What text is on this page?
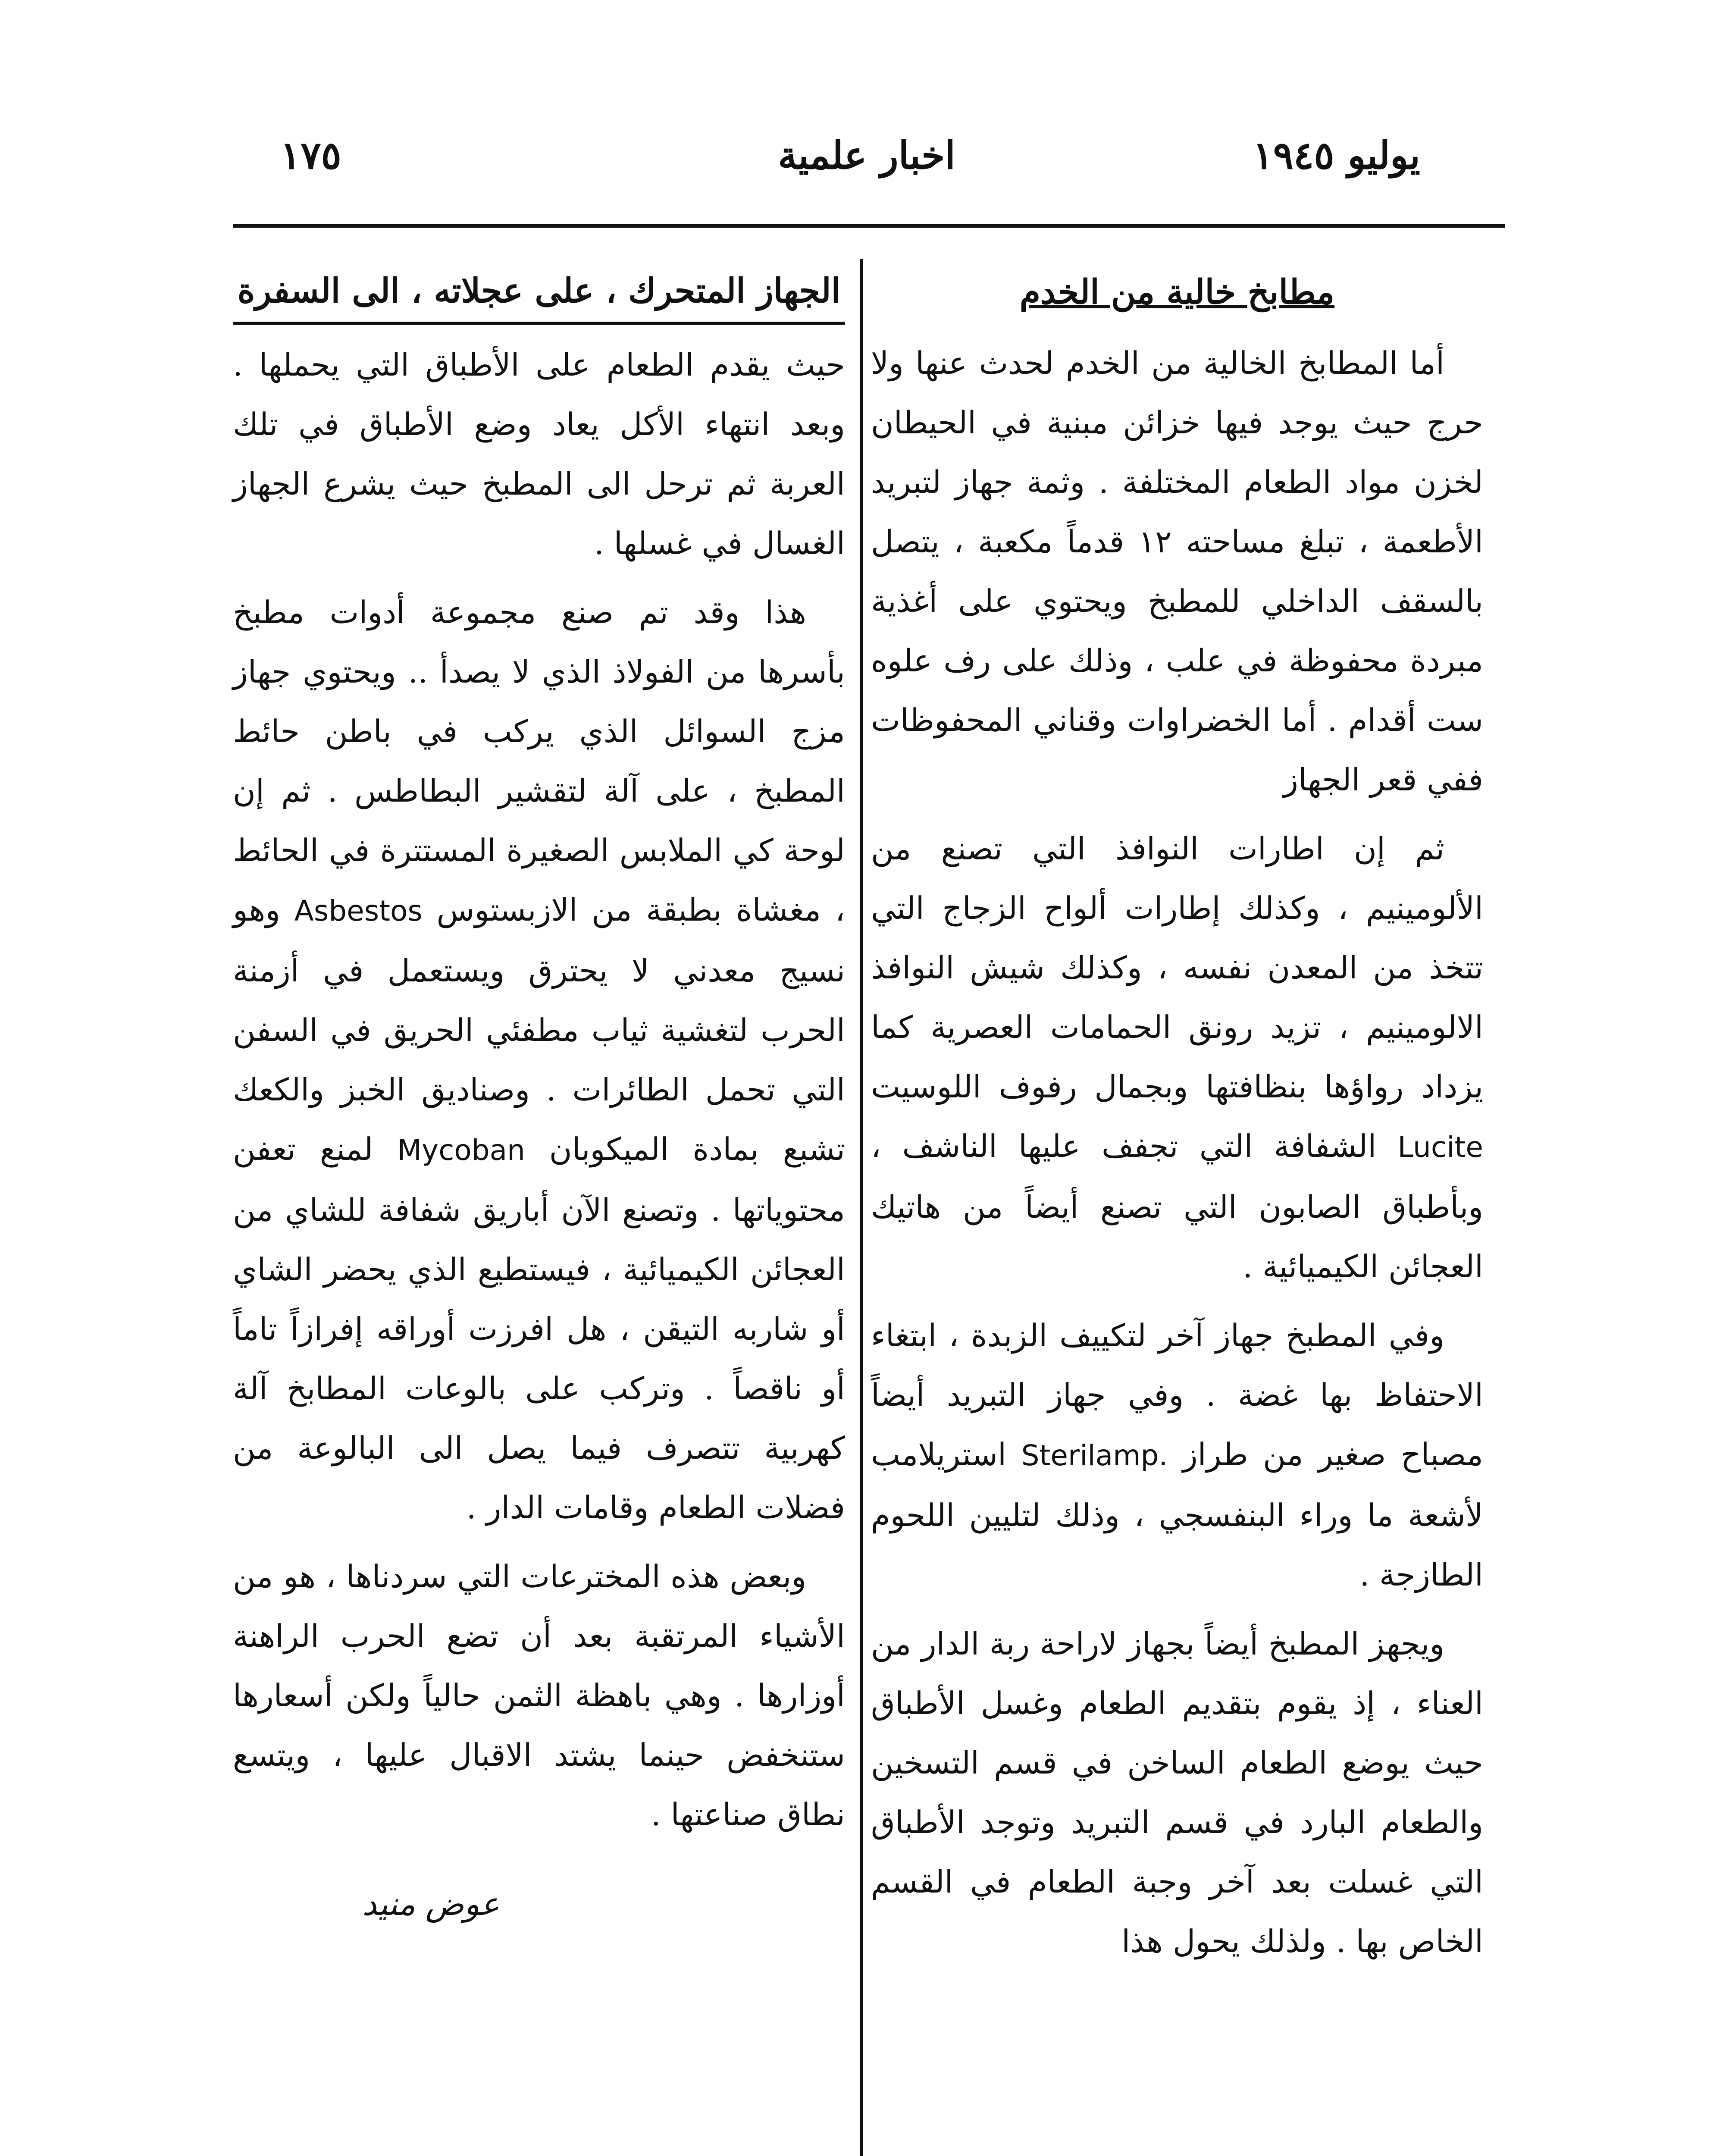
يوليو ١٩٤٥
اخبار علمية
١٧٥
مطابخ خالية من الخدم

أما المطابخ الخالية من الخدم لحدث عنها ولا حرج حيث يوجد فيها خزائن مبنية في الحيطان لخزن مواد الطعام المختلفة . وثمة جهاز لتبريد الأطعمة ، تبلغ مساحته ١٢ قدماً مكعبة ، يتصل بالسقف الداخلي للمطبخ ويحتوي على أغذية مبردة محفوظة في علب ، وذلك على رف علوه ست أقدام . أما الخضراوات وقناني المحفوظات ففي قعر الجهاز

ثم إن اطارات النوافذ التي تصنع من الألومينيم ، وكذلك إطارات ألواح الزجاج التي تتخذ من المعدن نفسه ، وكذلك شيش النوافذ الالومينيم ، تزيد رونق الحمامات العصرية كما يزداد رواؤها بنظافتها وبجمال رفوف اللوسيت Lucite الشفافة التي تجفف عليها الناشف ، وبأطباق الصابون التي تصنع أيضاً من هاتيك العجائن الكيميائية .

وفي المطبخ جهاز آخر لتكييف الزبدة ، ابتغاء الاحتفاظ بها غضة . وفي جهاز التبريد أيضاً مصباح صغير من طراز Sterilamp. استريلامب لأشعة ما وراء البنفسجي ، وذلك لتليين اللحوم الطازجة .

ويجهز المطبخ أيضاً بجهاز لاراحة ربة الدار من العناء ، إذ يقوم بتقديم الطعام وغسل الأطباق حيث يوضع الطعام الساخن في قسم التسخين والطعام البارد في قسم التبريد وتوجد الأطباق التي غسلت بعد آخر وجبة الطعام في القسم الخاص بها . ولذلك يحول هذا

الجهاز المتحرك ، على عجلاته ، الى السفرة

حيث يقدم الطعام على الأطباق التي يحملها . وبعد انتهاء الأكل يعاد وضع الأطباق في تلك العربة ثم ترحل الى المطبخ حيث يشرع الجهاز الغسال في غسلها .

هذا وقد تم صنع مجموعة أدوات مطبخ بأسرها من الفولاذ الذي لا يصدأ .. ويحتوي جهاز مزج السوائل الذي يركب في باطن حائط المطبخ ، على آلة لتقشير البطاطس . ثم إن لوحة كي الملابس الصغيرة المستترة في الحائط ، مغشاة بطبقة من الازبستوس Asbestos وهو نسيج معدني لا يحترق ويستعمل في أزمنة الحرب لتغشية ثياب مطفئي الحريق في السفن التي تحمل الطائرات . وصناديق الخبز والكعك تشبع بمادة الميكوبان Mycoban لمنع تعفن محتوياتها . وتصنع الآن أباريق شفافة للشاي من العجائن الكيميائية ، فيستطيع الذي يحضر الشاي أو شاربه التيقن ، هل افرزت أوراقه إفرازاً تاماً أو ناقصاً . وتركب على بالوعات المطابخ آلة كهربية تتصرف فيما يصل الى البالوعة من فضلات الطعام وقامات الدار .

وبعض هذه المخترعات التي سردناها ، هو من الأشياء المرتقبة بعد أن تضع الحرب الراهنة أوزارها . وهي باهظة الثمن حالياً ولكن أسعارها ستنخفض حينما يشتد الاقبال عليها ، ويتسع نطاق صناعتها .

عوض منيد
